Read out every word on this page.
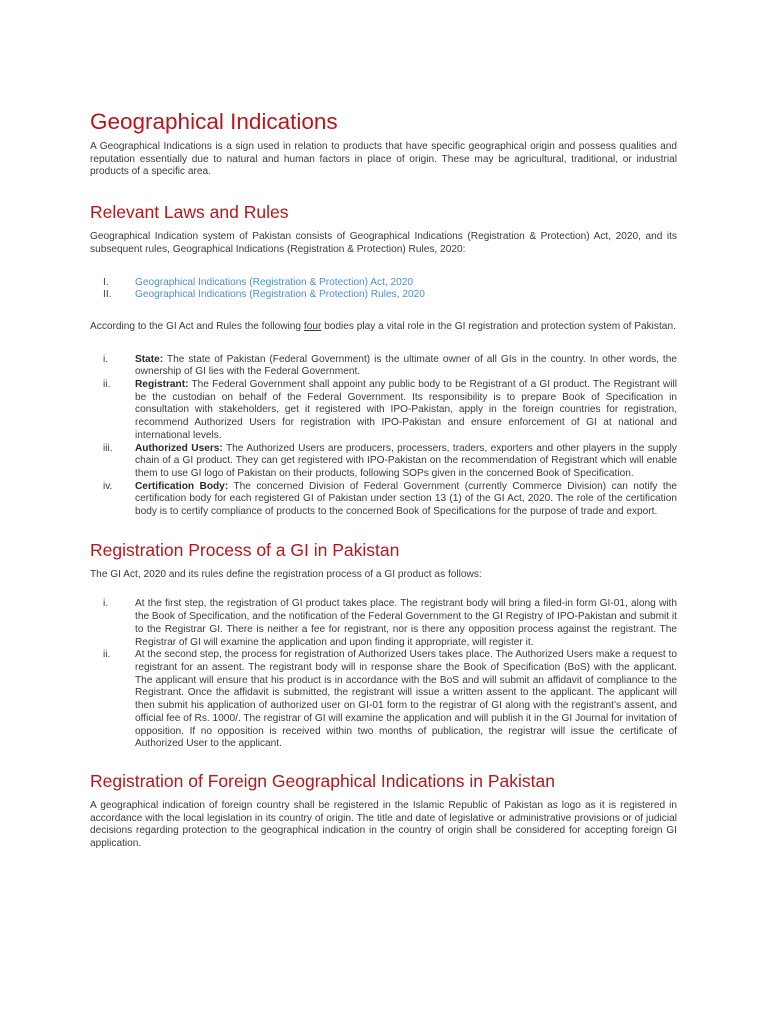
Geographical Indications

A Geographical Indications is a sign used in relation to products that have specific geographical origin and possess qualities and reputation essentially due to natural and human factors in place of origin. These may be agricultural, traditional, or industrial products of a specific area.

Relevant Laws and Rules

Geographical Indication system of Pakistan consists of Geographical Indications (Registration & Protection) Act, 2020, and its subsequent rules, Geographical Indications (Registration & Protection) Rules, 2020:

I.	Geographical Indications (Registration & Protection) Act, 2020
II. Geographical Indications (Registration & Protection) Rules, 2020

According to the GI Act and Rules the following four bodies play a vital role in the GI registration and protection system of Pakistan.

i.	State: The state of Pakistan (Federal Government) is the ultimate owner of all GIs in the country. In other words, the ownership of GI lies with the Federal Government.
ii. Registrant: The Federal Government shall appoint any public body to be Registrant of a GI product. The Registrant will be the custodian on behalf of the Federal Government. Its responsibility is to prepare Book of Specification in consultation with stakeholders, get it registered with IPO-Pakistan, apply in the foreign countries for registration, recommend Authorized Users for registration with IPO-Pakistan and ensure enforcement of GI at national and international levels.
iii. Authorized Users: The Authorized Users are producers, processers, traders, exporters and other players in the supply chain of a GI product. They can get registered with IPO-Pakistan on the recommendation of Registrant which will enable them to use GI logo of Pakistan on their products, following SOPs given in the concerned Book of Specification.
iv. Certification Body: The concerned Division of Federal Government (currently Commerce Division) can notify the certification body for each registered GI of Pakistan under section 13 (1) of the GI Act, 2020. The role of the certification body is to certify compliance of products to the concerned Book of Specifications for the purpose of trade and export.
Registration Process of a GI in Pakistan

The GI Act, 2020 and its rules define the registration process of a GI product as follows:

i.	At the first step, the registration of GI product takes place. The registrant body will bring a filed-in form GI-01, along with the Book of Specification, and the notification of the Federal Government to the GI Registry of IPO-Pakistan and submit it to the Registrar GI. There is neither a fee for registrant, nor is there any opposition process against the registrant. The Registrar of GI will examine the application and upon finding it appropriate, will register it.
ii. At the second step, the process for registration of Authorized Users takes place. The Authorized Users make a request to registrant for an assent. The registrant body will in response share the Book of Specification (BoS) with the applicant. The applicant will ensure that his product is in accordance with the BoS and will submit an affidavit of compliance to the Registrant. Once the affidavit is submitted, the registrant will issue a written assent to the applicant. The applicant will then submit his application of authorized user on GI-01 form to the registrar of GI along with the registrant’s assent, and official fee of Rs. 1000/. The registrar of GI will examine the application and will publish it in the GI Journal for invitation of opposition. If no opposition is received within two months of publication, the registrar will issue the certificate of Authorized User to the applicant.
Registration of Foreign Geographical Indications in Pakistan

A geographical indication of foreign country shall be registered in the Islamic Republic of Pakistan as logo as it is registered in accordance with the local legislation in its country of origin. The title and date of legislative or administrative provisions or of judicial decisions regarding protection to the geographical indication in the country of origin shall be considered for accepting foreign GI application.
